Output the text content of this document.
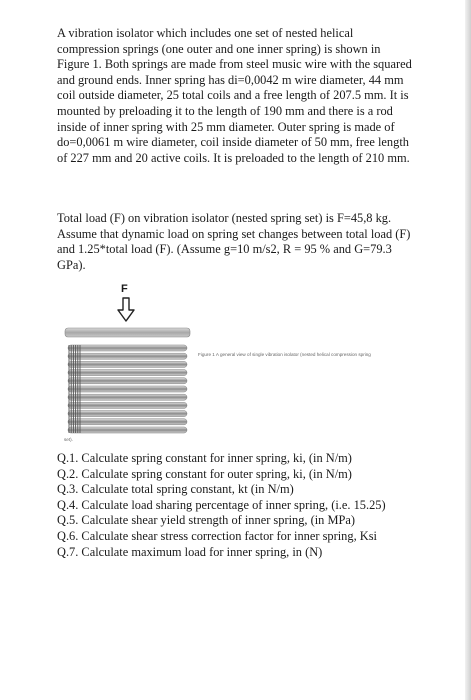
A vibration isolator which includes one set of nested helical compression springs (one outer and one inner spring) is shown in Figure 1. Both springs are made from steel music wire with the squared and ground ends. Inner spring has di=0,0042 m wire diameter, 44 mm coil outside diameter, 25 total coils and a free length of 207.5 mm. It is mounted by preloading it to the length of 190 mm and there is a rod inside of inner spring with 25 mm diameter. Outer spring is made of do=0,0061 m wire diameter, coil inside diameter of 50 mm, free length of 227 mm and 20 active coils. It is preloaded to the length of 210 mm.

Total load (F) on vibration isolator (nested spring set) is F=45,8 kg. Assume that dynamic load on spring set changes between total load (F) and 1.25*total load (F). (Assume g=10 m/s2, R = 95 % and G=79.3 GPa).

F
Figure 1 A general view of single vibration isolator (nested helical compression spring
set).
Q.1. Calculate spring constant for inner spring, ki, (in N/m)
Q.2. Calculate spring constant for outer spring, ki, (in N/m)
Q.3. Calculate total spring constant, kt (in N/m)
Q.4. Calculate load sharing percentage of inner spring, (i.e. 15.25)
Q.5. Calculate shear yield strength of inner spring, (in MPa)
Q.6. Calculate shear stress correction factor for inner spring, Ksi
Q.7. Calculate maximum load for inner spring, in (N)
